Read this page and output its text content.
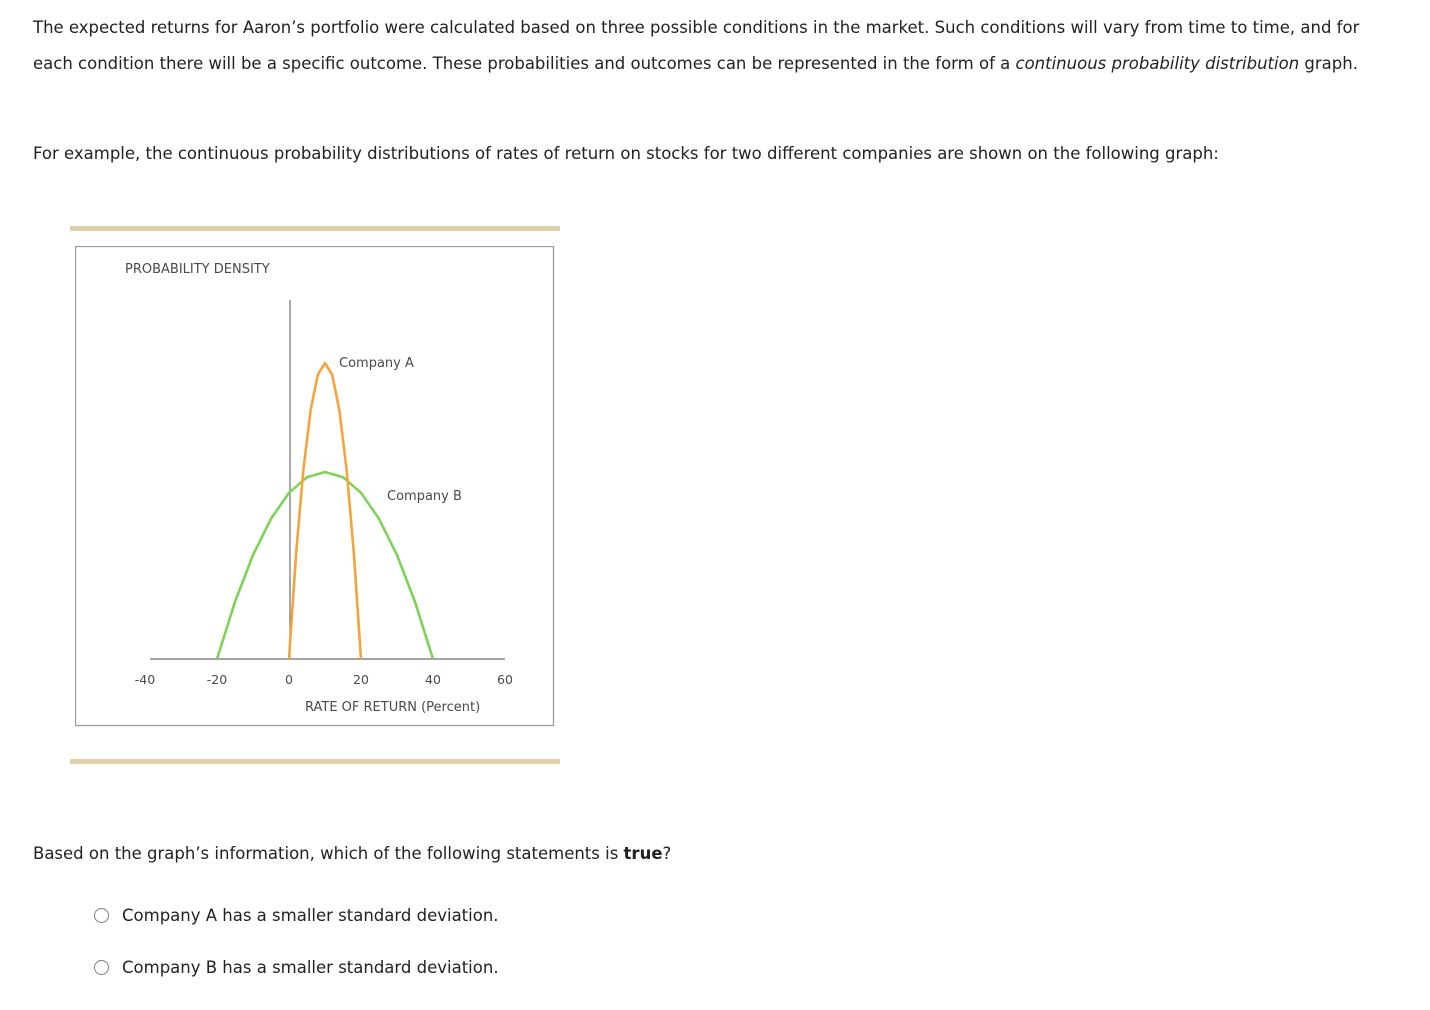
The expected returns for Aaron’s portfolio were calculated based on three possible conditions in the market. Such conditions will vary from time to time, and for each condition there will be a specific outcome. These probabilities and outcomes can be represented in the form of a continuous probability distribution graph.

For example, the continuous probability distributions of rates of return on stocks for two different companies are shown on the following graph:

PROBABILITY DENSITY
-40	-20	0	20	40	60
Company A
Company B
RATE OF RETURN (Percent)

Based on the graph’s information, which of the following statements is true?

Company A has a smaller standard deviation.
Company B has a smaller standard deviation.
